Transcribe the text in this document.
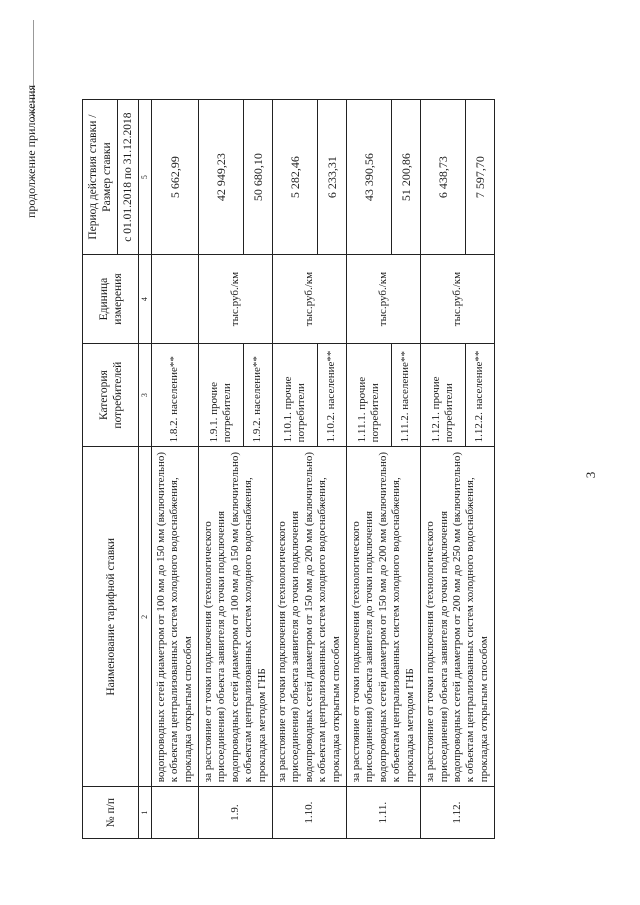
продолжение приложения
№ п/п	Наименование тарифной ставки	Категория потребителей	Единица измерения	Период действия ставки /Размер ставки
				с 01.01.2018 по 31.12.2018
1	2	3	4	5
	водопроводных сетей диаметром от 100 мм до 150 мм (включительно) к объектам централизованных систем холодного водоснабжения, прокладка открытым способом	1.8.2. население**		5 662,99
1.9.	за расстояние от точки подключения (технологического присоединения) объекта заявителя до точки подключения водопроводных сетей диаметром от 100 мм до 150 мм (включительно) к объектам централизованных систем холодного водоснабжения, прокладка методом ГНБ	1.9.1. прочие потребители	тыс.руб./км	42 949,23
		1.9.2. население**		50 680,10
1.10.	за расстояние от точки подключения (технологического присоединения) объекта заявителя до точки подключения водопроводных сетей диаметром от 150 мм до 200 мм (включительно) к объектам централизованных систем холодного водоснабжения, прокладка открытым способом	1.10.1. прочие потребители	тыс.руб./км	5 282,46
		1.10.2. население**		6 233,31
1.11.	за расстояние от точки подключения (технологического присоединения) объекта заявителя до точки подключения водопроводных сетей диаметром от 150 мм до 200 мм (включительно) к объектам централизованных систем холодного водоснабжения, прокладка методом ГНБ	1.11.1. прочие потребители	тыс.руб./км	43 390,56
		1.11.2. население**		51 200,86
1.12.	за расстояние от точки подключения (технологического присоединения) объекта заявителя до точки подключения водопроводных сетей диаметром от 200 мм до 250 мм (включительно) к объектам централизованных систем холодного водоснабжения, прокладка открытым способом	1.12.1. прочие потребители	тыс.руб./км	6 438,73
		1.12.2. население**		7 597,70
3
